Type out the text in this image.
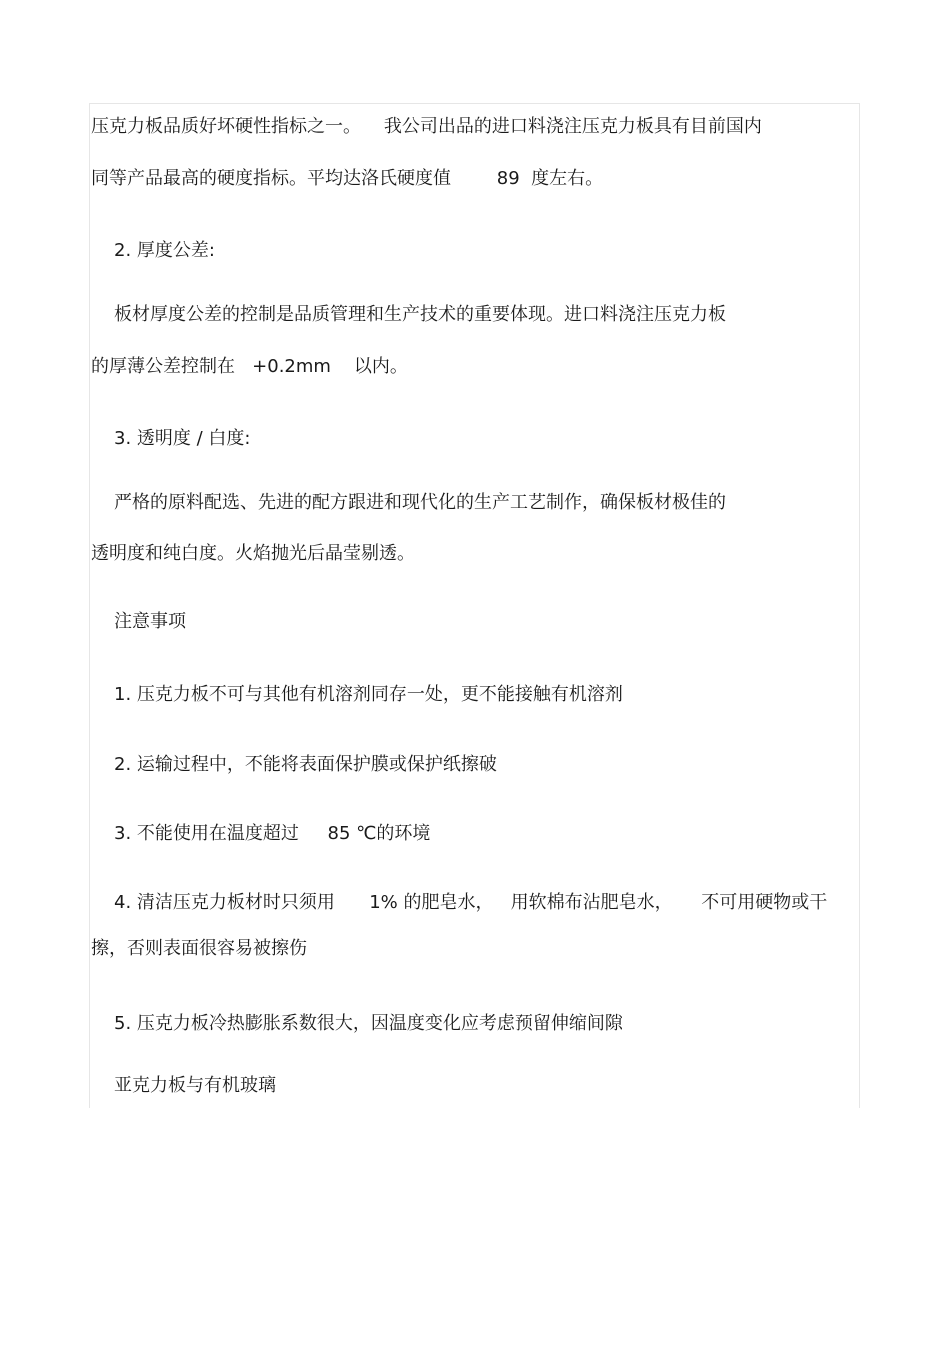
压克力板品质好坏硬性指标之一。    我公司出品的进口料浇注压克力板具有目前国内
同等产品最高的硬度指标。平均达洛氏硬度值        89  度左右。
2. 厚度公差:
板材厚度公差的控制是品质管理和生产技术的重要体现。进口料浇注压克力板
的厚薄公差控制在   +0.2mm    以内。
3. 透明度 / 白度:
严格的原料配选、先进的配方跟进和现代化的生产工艺制作，确保板材极佳的
透明度和纯白度。火焰抛光后晶莹剔透。
注意事项
1. 压克力板不可与其他有机溶剂同存一处，更不能接触有机溶剂
2. 运输过程中，不能将表面保护膜或保护纸擦破
3. 不能使用在温度超过     85 ℃的环境
4. 清洁压克力板材时只须用      1% 的肥皂水，   用软棉布沾肥皂水，     不可用硬物或干
擦，否则表面很容易被擦伤
5. 压克力板冷热膨胀系数很大，因温度变化应考虑预留伸缩间隙
亚克力板与有机玻璃
